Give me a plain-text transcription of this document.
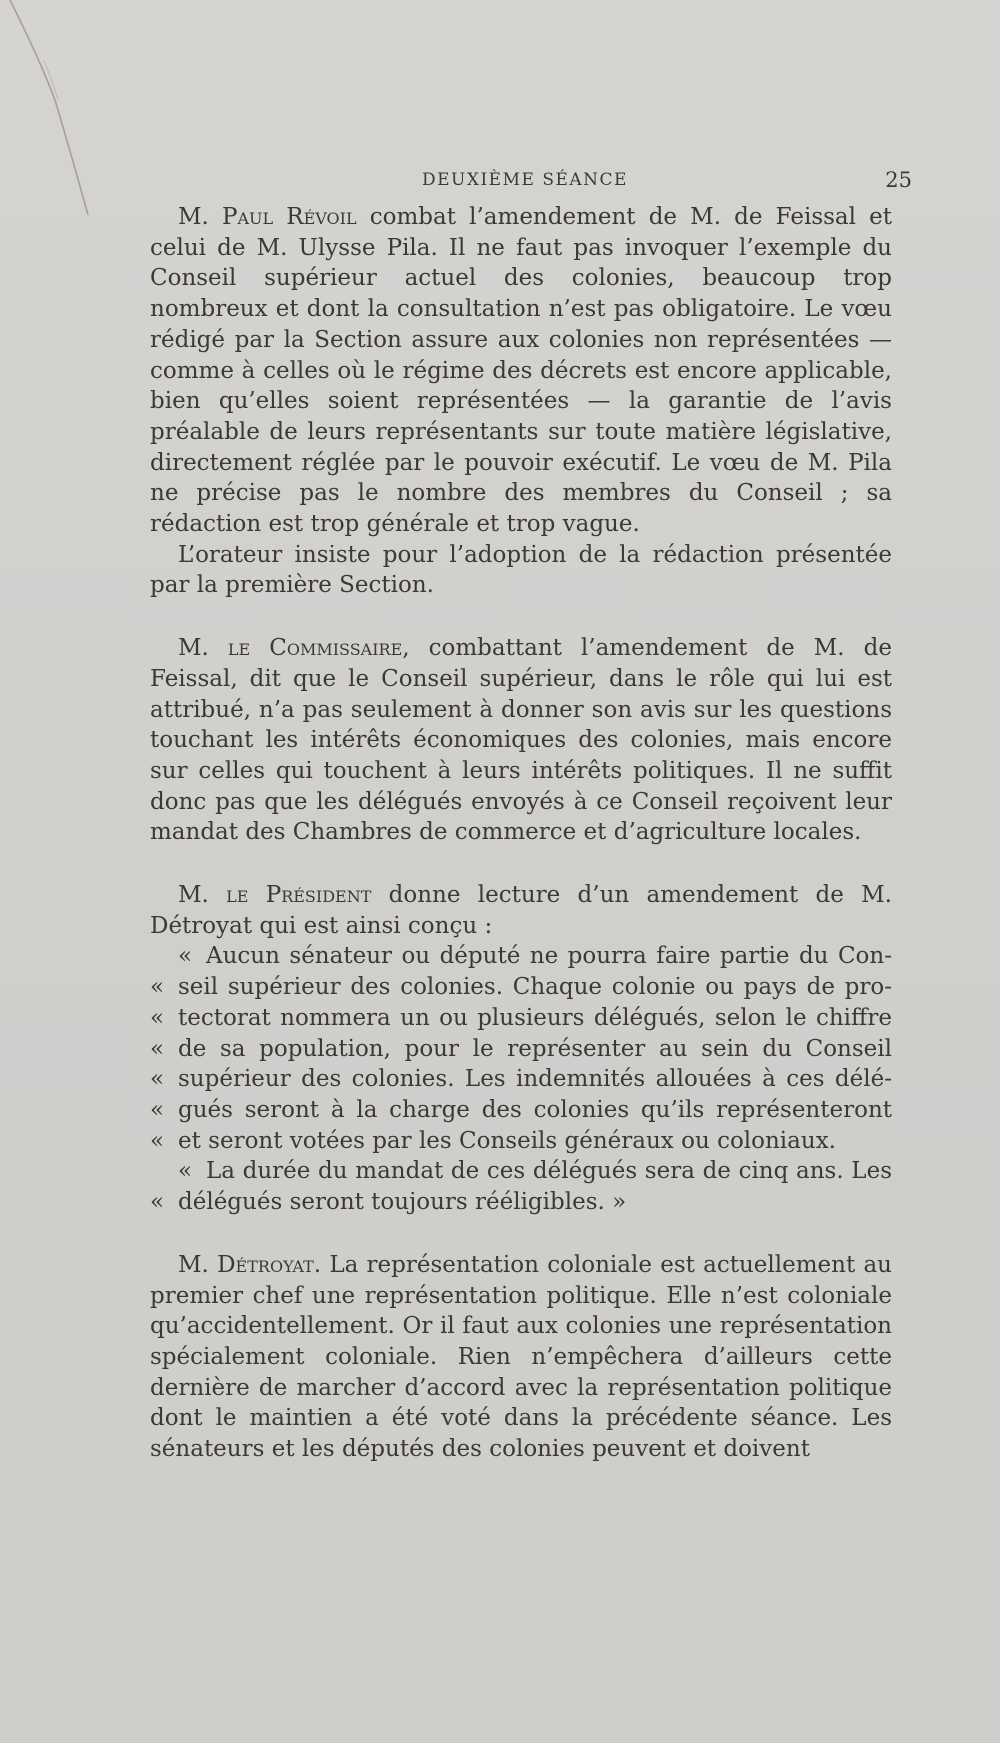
DEUXIÈME SÉANCE	25

M. Paul Révoil combat l’amendement de M. de Feissal et celui de M. Ulysse Pila. Il ne faut pas invoquer l’exemple du Conseil supérieur actuel des colonies, beaucoup trop nombreux et dont la consultation n’est pas obligatoire. Le vœu rédigé par la Section assure aux colonies non représentées — comme à celles où le régime des décrets est encore applicable, bien qu’elles soient représentées — la garantie de l’avis préalable de leurs représentants sur toute matière législative, directement réglée par le pouvoir exécutif. Le vœu de M. Pila ne précise pas le nombre des membres du Conseil ; sa rédaction est trop générale et trop vague.

L’orateur insiste pour l’adoption de la rédaction présentée par la première Section.

M. le Commissaire, combattant l’amendement de M. de Feissal, dit que le Conseil supérieur, dans le rôle qui lui est attribué, n’a pas seulement à donner son avis sur les questions touchant les intérêts économiques des colonies, mais encore sur celles qui touchent à leurs intérêts politiques. Il ne suffit donc pas que les délégués envoyés à ce Conseil reçoivent leur mandat des Chambres de commerce et d’agriculture locales.

M. le Président donne lecture d’un amendement de M. Détroyat qui est ainsi conçu :

« Aucun sénateur ou député ne pourra faire partie du Con-
« seil supérieur des colonies. Chaque colonie ou pays de pro-
« tectorat nommera un ou plusieurs délégués, selon le chiffre
« de sa population, pour le représenter au sein du Conseil
« supérieur des colonies. Les indemnités allouées à ces délé-
« gués seront à la charge des colonies qu’ils représenteront
« et seront votées par les Conseils généraux ou coloniaux.
« La durée du mandat de ces délégués sera de cinq ans. Les
« délégués seront toujours rééligibles. »

M. Détroyat. La représentation coloniale est actuellement au premier chef une représentation politique. Elle n’est coloniale qu’accidentellement. Or il faut aux colonies une représentation spécialement coloniale. Rien n’empêchera d’ailleurs cette dernière de marcher d’accord avec la représentation politique dont le maintien a été voté dans la précédente séance. Les sénateurs et les députés des colonies peuvent et doivent
